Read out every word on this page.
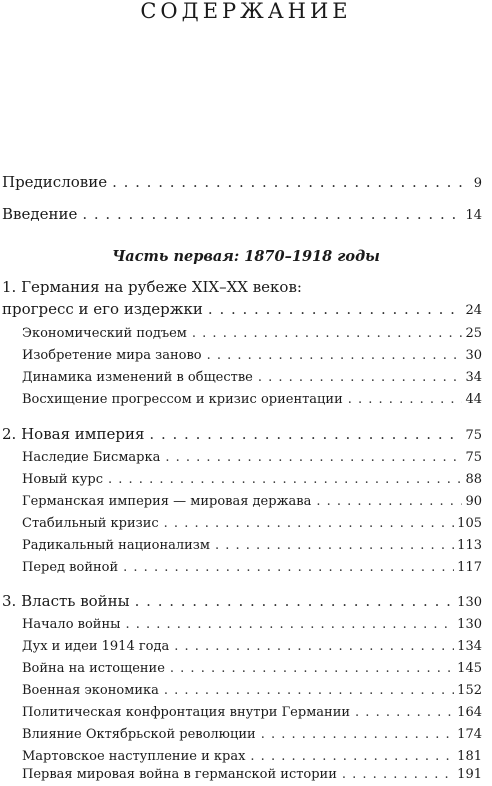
СОДЕРЖАНИЕ
Предисловие . . .	9
Введение . . .	14
Часть первая: 1870–1918 годы
1. Германия на рубеже XIX–XX веков:
прогресс и его издержки . . .	24
Экономический подъем . . .	25
Изобретение мира заново . . .	30
Динамика изменений в обществе . . .	34
Восхищение прогрессом и кризис ориентации . . .	44
2. Новая империя . . .	75
Наследие Бисмарка . . .	75
Новый курс . . .	88
Германская империя — мировая держава . . .	90
Стабильный кризис . . .	105
Радикальный национализм . . .	113
Перед войной . . .	117
3. Власть войны . . .	130
Начало войны . . .	130
Дух и идеи 1914 года . . .	134
Война на истощение . . .	145
Военная экономика . . .	152
Политическая конфронтация внутри Германии . . .	164
Влияние Октябрьской революции . . .	174
Мартовское наступление и крах . . .	181
Первая мировая война в германской истории . . .	191
